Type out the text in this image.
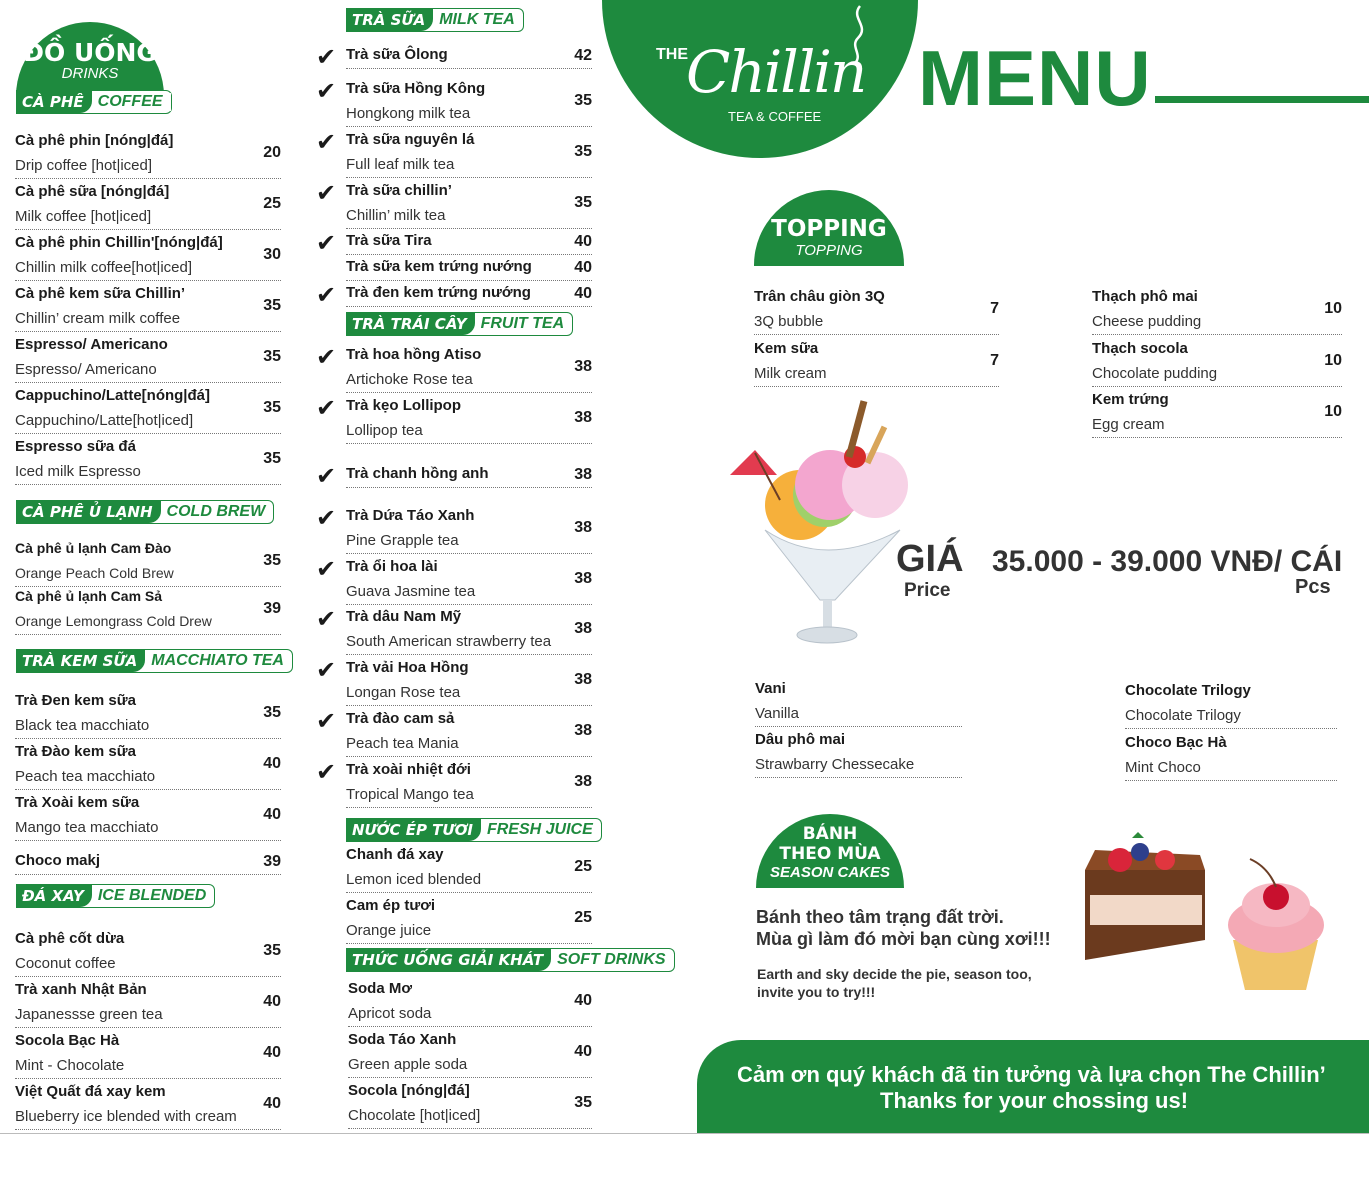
ĐỒ UỐNG
DRINKS
CÀ PHÊ COFFEE
Cà phê phin [nóng|đá]
Drip coffee [hot|iced]
20
Cà phê sữa [nóng|đá]
Milk coffee [hot|iced]
25
Cà phê phin Chillin'[nóng|đá]
Chillin milk coffee[hot|iced]
30
Cà phê kem sữa Chillin’
Chillin’ cream milk coffee
35
Espresso/ Americano
Espresso/ Americano
35
Cappuchino/Latte[nóng|đá]
Cappuchino/Latte[hot|iced]
35
Espresso sữa đá
Iced milk Espresso
35
CÀ PHÊ Ủ LẠNH COLD BREW
Cà phê ủ lạnh Cam Đào
Orange Peach Cold Brew
35
Cà phê ủ lạnh Cam Sả
Orange Lemongrass Cold Drew
39
TRÀ KEM SỮA MACCHIATO TEA
Trà Đen kem sữa
Black tea macchiato
35
Trà Đào kem sữa
Peach tea macchiato
40
Trà Xoài kem sữa
Mango tea macchiato
40
Choco makj	39
ĐÁ XAY ICE BLENDED
Cà phê cốt dừa
Coconut coffee
35
Trà xanh Nhật Bản
Japanessse green tea
40
Socola Bạc Hà
Mint - Chocolate
40
Việt Quất đá xay kem
Blueberry ice blended with cream
40
TRÀ SỮA MILK TEA
Trà sữa Ôlong	42
Trà sữa Hồng Kông
Hongkong milk tea
35
Trà sữa nguyên lá
Full leaf milk tea
35
Trà sữa chillin’
Chillin’ milk tea
35
Trà sữa Tira	40
Trà sữa kem trứng nướng	40
Trà đen kem trứng nướng	40
TRÀ TRÁI CÂY FRUIT TEA
Trà hoa hồng Atiso
Artichoke Rose tea
38
Trà kẹo Lollipop
Lollipop tea
38
Trà chanh hồng anh	38
Trà Dứa Táo Xanh
Pine Grapple tea
38
Trà ổi hoa lài
Guava Jasmine tea
38
Trà dâu Nam Mỹ
South American strawberry tea
38
Trà vải Hoa Hồng
Longan Rose tea
38
Trà đào cam sả
Peach tea Mania
38
Trà xoài nhiệt đới
Tropical Mango tea
38
NƯỚC ÉP TƯƠI FRESH JUICE
Chanh đá xay
Lemon iced blended
25
Cam ép tươi
Orange juice
25
THỨC UỐNG GIẢI KHÁT SOFT DRINKS
Soda Mơ
Apricot soda
40
Soda Táo Xanh
Green apple soda
40
Socola [nóng|đá]
Chocolate [hot|iced]
35
THE
Chillin
TEA & COFFEE MENU
TOPPING
TOPPING
Trân châu giòn 3Q
3Q bubble
7
Kem sữa
Milk cream
7
Thạch phô mai
Cheese pudding
10
Thạch socola
Chocolate pudding
10
Kem trứng
Egg cream
10
GIÁ
Price
35.000 - 39.000 VNĐ/ CÁI
Pcs
Vani
Vanilla
Dâu phô mai
Strawbarry Chessecake
Chocolate Trilogy
Chocolate Trilogy
Choco Bạc Hà
Mint Choco
BÁNH
THEO MÙA
SEASON CAKES
Bánh theo tâm trạng đất trời.
Mùa gì làm đó mời bạn cùng xơi!!!
Earth and sky decide the pie, season too,
invite you to try!!!
Cảm ơn quý khách đã tin tưởng và lựa chọn The Chillin’
Thanks for your chossing us!
✔
✔
✔
✔
✔
✔
✔
✔
✔
✔
✔
✔
✔
✔
✔
